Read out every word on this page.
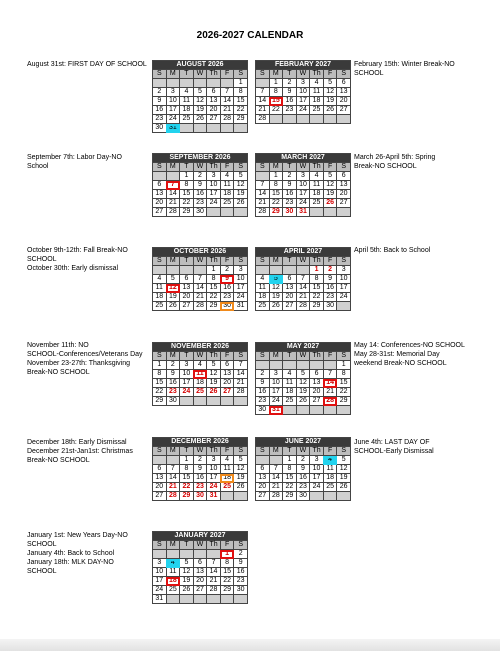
2026-2027 CALENDAR
August 31st: FIRST DAY OF SCHOOL
September 7th: Labor Day-NO
School
October 9th-12th: Fall Break-NO
SCHOOL
October 30th: Early dismissal
November 11th: NO
SCHOOL-Conferences/Veterans Day
November 23-27th: Thanksgiving
Break-NO SCHOOL
December 18th: Early Dismissal
December 21st-Jan1st: Christmas
Break-NO SCHOOL
January 1st: New Years Day-NO
SCHOOL
January 4th: Back to School
January 18th: MLK DAY-NO
SCHOOL
February 15th: Winter Break-NO
SCHOOL
March 26-April 5th: Spring
Break-NO SCHOOL
April 5th: Back to School
May 14: Conferences-NO SCHOOL
May 28-31st: Memorial Day
weekend Break-NO SCHOOL
June 4th: LAST DAY OF
SCHOOL-Early Dismissal
AUGUST 2026						
S	M	T	W	Th	F	S
						1
2	3	4	5	6	7	8
9	10	11	12	13	14	15
16	17	18	19	20	21	22
23	24	25	26	27	28	29
30	31					
FEBRUARY 2027						
S	M	T	W	Th	F	S
	1	2	3	4	5	6
7	8	9	10	11	12	13
14	15	16	17	18	19	20
21	22	23	24	25	26	27
28						
SEPTEMBER 2026						
S	M	T	W	Th	F	S
		1	2	3	4	5
6	7	8	9	10	11	12
13	14	15	16	17	18	19
20	21	22	23	24	25	26
27	28	29	30			
MARCH 2027						
S	M	T	W	Th	F	S
	1	2	3	4	5	6
7	8	9	10	11	12	13
14	15	16	17	18	19	20
21	22	23	24	25	26	27
28	29	30	31			
OCTOBER 2026						
S	M	T	W	Th	F	S
				1	2	3
4	5	6	7	8	9	10
11	12	13	14	15	16	17
18	19	20	21	22	23	24
25	26	27	28	29	30	31
APRIL 2027						
S	M	T	W	Th	F	S
				1	2	3
4	5	6	7	8	9	10
11	12	13	14	15	16	17
18	19	20	21	22	23	24
25	26	27	28	29	30	
NOVEMBER 2026						
S	M	T	W	Th	F	S
1	2	3	4	5	6	7
8	9	10	11	12	13	14
15	16	17	18	19	20	21
22	23	24	25	26	27	28
29	30					
MAY 2027						
S	M	T	W	Th	F	S
						1
2	3	4	5	6	7	8
9	10	11	12	13	14	15
16	17	18	19	20	21	22
23	24	25	26	27	28	29
30	31					
DECEMBER 2026						
S	M	T	W	Th	F	S
		1	2	3	4	5
6	7	8	9	10	11	12
13	14	15	16	17	18	19
20	21	22	23	24	25	26
27	28	29	30	31		
JUNE 2027						
S	M	T	W	Th	F	S
		1	2	3	4	5
6	7	8	9	10	11	12
13	14	15	16	17	18	19
20	21	22	23	24	25	26
27	28	29	30			
JANUARY 2027						
S	M	T	W	Th	F	S
					1	2
3	4	5	6	7	8	9
10	11	12	13	14	15	16
17	18	19	20	21	22	23
24	25	26	27	28	29	30
31						
